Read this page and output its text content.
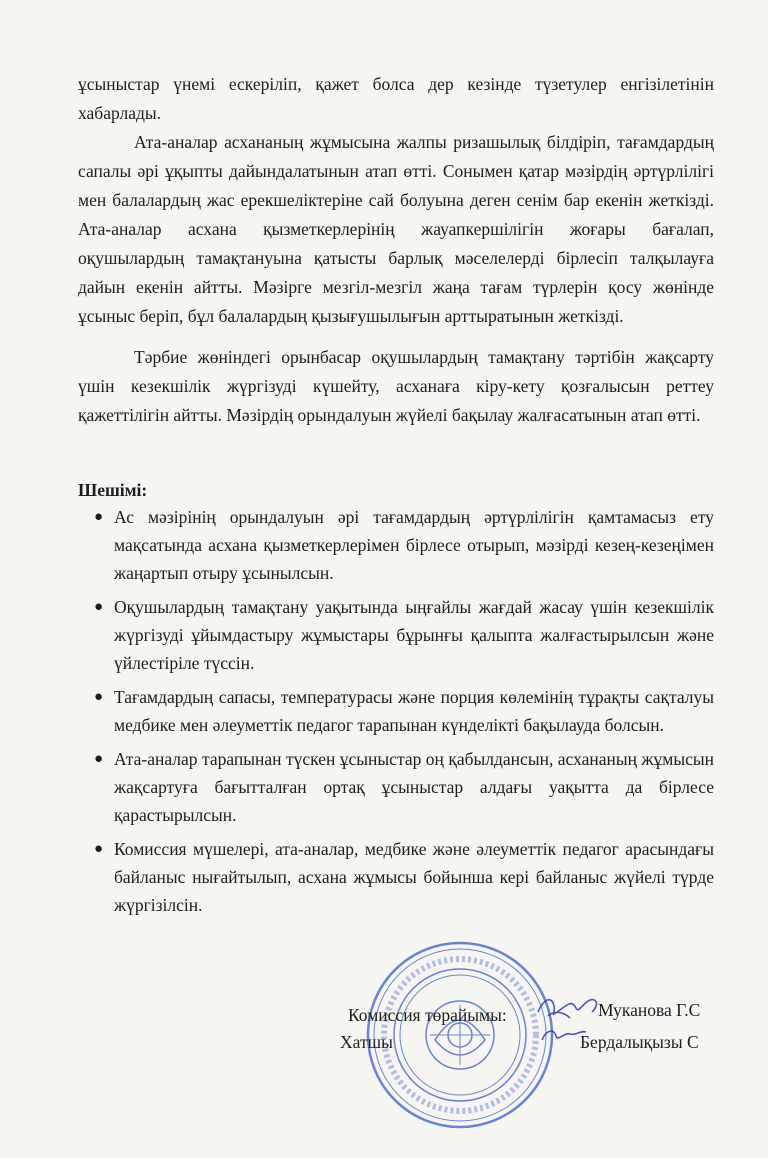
ұсыныстар үнемі ескеріліп, қажет болса дер кезінде түзетулер енгізілетінін хабарлады.

Ата-аналар асхананың жұмысына жалпы ризашылық білдіріп, тағамдардың сапалы әрі ұқыпты дайындалатынын атап өтті. Сонымен қатар мәзірдің әртүрлілігі мен балалардың жас ерекшеліктеріне сай болуына деген сенім бар екенін жеткізді. Ата-аналар асхана қызметкерлерінің жауапкершілігін жоғары бағалап, оқушылардың тамақтануына қатысты барлық мәселелерді бірлесіп талқылауға дайын екенін айтты. Мәзірге мезгіл-мезгіл жаңа тағам түрлерін қосу жөнінде ұсыныс беріп, бұл балалардың қызығушылығын арттыратынын жеткізді.

Тәрбие жөніндегі орынбасар оқушылардың тамақтану тәртібін жақсарту үшін кезекшілік жүргізуді күшейту, асханаға кіру-кету қозғалысын реттеу қажеттілігін айтты. Мәзірдің орындалуын жүйелі бақылау жалғасатынын атап өтті.

Шешімі:

● Ас мәзірінің орындалуын әрі тағамдардың әртүрлілігін қамтамасыз ету мақсатында асхана қызметкерлерімен бірлесе отырып, мәзірді кезең-кезеңімен жаңартып отыру ұсынылсын.
● Оқушылардың тамақтану уақытында ыңғайлы жағдай жасау үшін кезекшілік жүргізуді ұйымдастыру жұмыстары бұрынғы қалыпта жалғастырылсын және үйлестіріле түссін.
● Тағамдардың сапасы, температурасы және порция көлемінің тұрақты сақталуы медбике мен әлеуметтік педагог тарапынан күнделікті бақылауда болсын.
● Ата-аналар тарапынан түскен ұсыныстар оң қабылдансын, асхананың жұмысын жақсартуға бағытталған ортақ ұсыныстар алдағы уақытта да бірлесе қарастырылсын.
● Комиссия мүшелері, ата-аналар, медбике және әлеуметтік педагог арасындағы байланыс нығайтылып, асхана жұмысы бойынша кері байланыс жүйелі түрде жүргізілсін.
Комиссия төрайымы:	Муканова Г.С
Хатшы	Бердалықызы С
